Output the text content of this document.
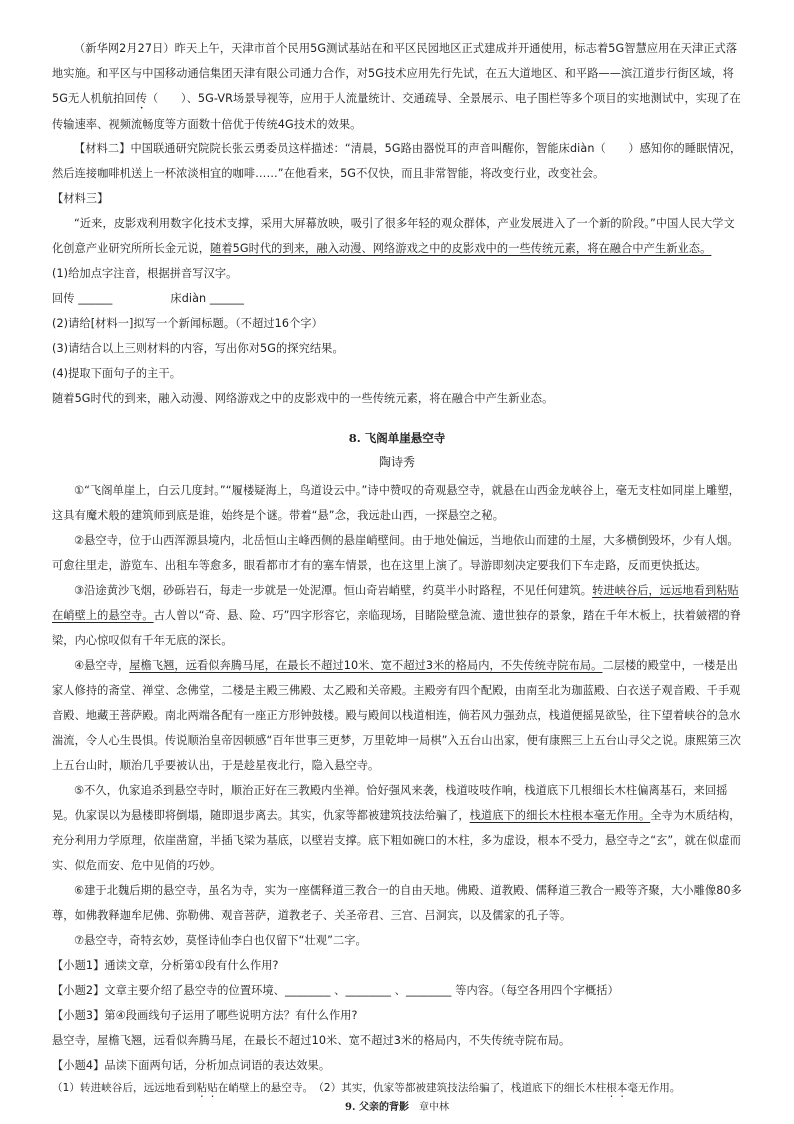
（新华网2月27日）昨天上午，天津市首个民用5G测试基站在和平区民园地区正式建成并开通使用，标志着5G智慧应用在天津正式落地实施。和平区与中国移动通信集团天津有限公司通力合作，对5G技术应用先行先试，在五大道地区、和平路——滨江道步行街区域，将5G无人机航拍回传（　　）、5G-VR场景导视等，应用于人流量统计、交通疏导、全景展示、电子围栏等多个项目的实地测试中，实现了在传输速率、视频流畅度等方面数十倍优于传统4G技术的效果。

【材料二】中国联通研究院院长张云勇委员这样描述：“清晨，5G路由器悦耳的声音叫醒你，智能床diàn（　　）感知你的睡眠情况，然后连接咖啡机送上一杯浓淡相宜的咖啡……”在他看来，5G不仅快，而且非常智能，将改变行业，改变社会。

【材料三】

“近来，皮影戏利用数字化技术支撑，采用大屏幕放映，吸引了很多年轻的观众群体，产业发展进入了一个新的阶段。”中国人民大学文化创意产业研究所所长金元说，随着5G时代的到来，融入动漫、网络游戏之中的皮影戏中的一些传统元素，将在融合中产生新业态。

(1)给加点字注音，根据拼音写汉字。

回传 ______	床diàn ______

(2)请给[材料一]拟写一个新闻标题。（不超过16个字）

(3)请结合以上三则材料的内容，写出你对5G的探究结果。

(4)提取下面句子的主干。

随着5G时代的到来，融入动漫、网络游戏之中的皮影戏中的一些传统元素，将在融合中产生新业态。

8. 飞阁单崖悬空寺

陶诗秀

①“飞阁单崖上，白云几度封。”“履楼疑海上，鸟道设云中。”诗中赞叹的奇观悬空寺，就悬在山西金龙峡谷上，毫无支柱如同崖上雕塑，这具有魔术般的建筑师到底是谁，始终是个谜。带着“悬”念，我远赴山西，一探悬空之秘。

②悬空寺，位于山西浑源县境内，北岳恒山主峰西侧的悬崖峭壁间。由于地处偏远，当地依山而建的土屋，大多横倒毁坏，少有人烟。可愈往里走，游览车、出租车等愈多，眼看都市才有的塞车情景，也在这里上演了。导游即刻决定要我们下车走路，反而更快抵达。

③沿途黄沙飞烟，砂砾岩石，每走一步就是一处泥潭。恒山奇岩峭壁，约莫半小时路程，不见任何建筑。转进峡谷后，远远地看到粘贴在峭壁上的悬空寺。古人曾以“奇、悬、险、巧”四字形容它，亲临现场，目睹险壁急流、遗世独存的景象，踏在千年木板上，扶着皴褶的脊梁，内心惊叹似有千年无底的深长。

④悬空寺，屋檐飞翘，远看似奔腾马尾，在最长不超过10米、宽不超过3米的格局内，不失传统寺院布局。二层楼的殿堂中，一楼是出家人修持的斋堂、禅堂、念佛堂，二楼是主殿三佛殿、太乙殿和关帝殿。主殿旁有四个配殿，由南至北为珈蓝殿、白衣送子观音殿、千手观音殿、地藏王菩萨殿。南北两端各配有一座正方形钟鼓楼。殿与殿间以栈道相连，倘若风力强劲点，栈道便摇晃欲坠，往下望着峡谷的急水湍流，令人心生畏惧。传说顺治皇帝因顿感“百年世事三更梦，万里乾坤一局棋”入五台山出家，便有康熙三上五台山寻父之说。康熙第三次上五台山时，顺治几乎要被认出，于是趁星夜北行，隐入悬空寺。

⑤不久，仇家追杀到悬空寺时，顺治正好在三教殿内坐禅。恰好强风来袭，栈道吱吱作响，栈道底下几根细长木柱偏离基石，来回摇晃。仇家误以为悬楼即将倒塌，随即退步离去。其实，仇家等都被建筑技法给骗了，栈道底下的细长木柱根本毫无作用。全寺为木质结构，充分利用力学原理，依崖凿窟，半插飞梁为基底，以壁岩支撑。底下粗如碗口的木柱，多为虚设，根本不受力，悬空寺之“玄”，就在似虚而实、似危而安、危中见俏的巧妙。

⑥建于北魏后期的悬空寺，虽名为寺，实为一座儒释道三教合一的自由天地。佛殿、道教殿、儒释道三教合一殿等齐聚，大小雕像80多尊，如佛教释迦牟尼佛、弥勒佛、观音菩萨，道教老子、关圣帝君、三宫、吕洞宾，以及儒家的孔子等。

⑦悬空寺，奇特玄妙，莫怪诗仙李白也仅留下“壮观”二字。

【小题1】通读文章，分析第①段有什么作用?

【小题2】文章主要介绍了悬空寺的位置环境、________ 、________ 、________ 等内容。（每空各用四个字概括）

【小题3】第④段画线句子运用了哪些说明方法？有什么作用?

悬空寺，屋檐飞翘，远看似奔腾马尾，在最长不超过10米、宽不超过3米的格局内，不失传统寺院布局。

【小题4】品读下面两句话，分析加点词语的表达效果。

（1）转进峡谷后，远远地看到粘贴在峭壁上的悬空寺。　 （2）其实，仇家等都被建筑技法给骗了，栈道底下的细长木柱根本毫无作用。

9. 父亲的背影　 章中林
